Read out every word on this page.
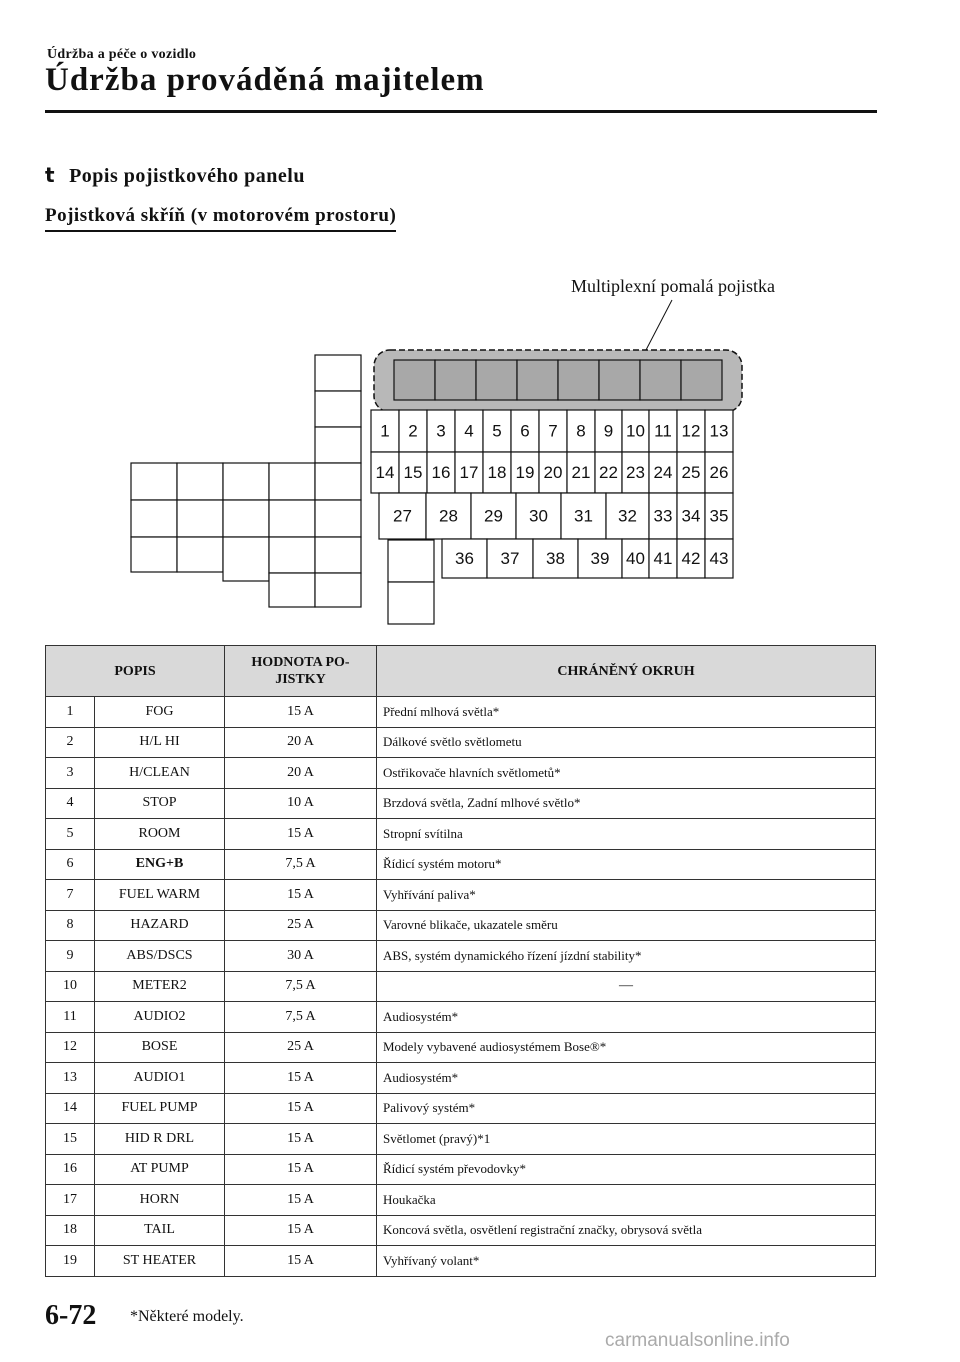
Údržba a péče o vozidlo
Údržba prováděná majitelem
t Popis pojistkového panelu
Pojistková skříň (v motorovém prostoru)
Multiplexní pomalá pojistka
1 2 3 4 5 6 7 8 9 10 11 12 13
14 15 16 17 18 19 20 21 22 23 24 25 26
27 28 29 30 31 32 33 34 35
36 37 38 39 40 41 42 43
POPIS		HODNOTA PO-
JISTKY	CHRÁNĚNÝ OKRUH
1	FOG	15 A	Přední mlhová světla*
2	H/L HI	20 A	Dálkové světlo světlometu
3	H/CLEAN	20 A	Ostřikovače hlavních světlometů*
4	STOP	10 A	Brzdová světla, Zadní mlhové světlo*
5	ROOM	15 A	Stropní svítilna
6	ENG+B	7,5 A	Řídicí systém motoru*
7	FUEL WARM	15 A	Vyhřívání paliva*
8	HAZARD	25 A	Varovné blikače, ukazatele směru
9	ABS/DSCS	30 A	ABS, systém dynamického řízení jízdní stability*
10	METER2	7,5 A	―
11	AUDIO2	7,5 A	Audiosystém*
12	BOSE	25 A	Modely vybavené audiosystémem Bose®*
13	AUDIO1	15 A	Audiosystém*
14	FUEL PUMP	15 A	Palivový systém*
15	HID R DRL	15 A	Světlomet (pravý)*1
16	AT PUMP	15 A	Řídicí systém převodovky*
17	HORN	15 A	Houkačka
18	TAIL	15 A	Koncová světla, osvětlení registrační značky, obrysová světla
19	ST HEATER	15 A	Vyhřívaný volant*
6-72 *Některé modely.
carmanualsonline.info
